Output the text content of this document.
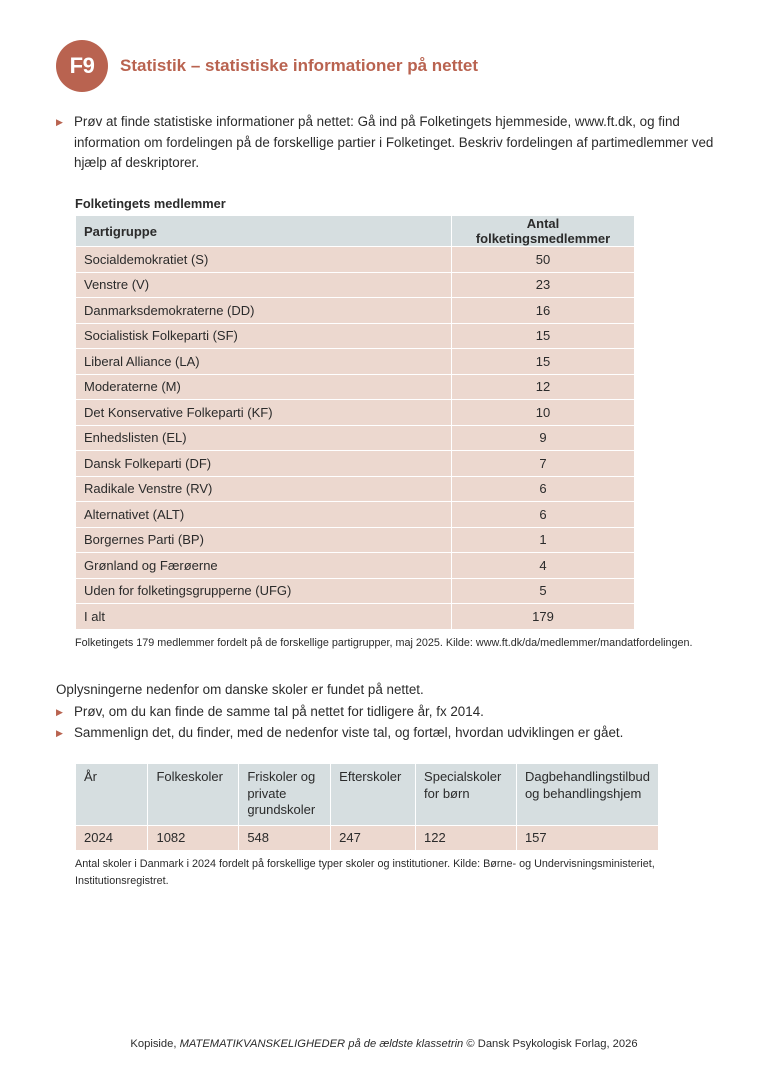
F9	Statistik – statistiske informationer på nettet
▶ Prøv at finde statistiske informationer på nettet: Gå ind på Folketingets hjemmeside, www.ft.dk, og find information om fordelingen på de forskellige partier i Folketinget. Beskriv fordelingen af partimedlemmer ved hjælp af deskriptorer.
Folketingets medlemmer
Partigruppe	Antal folketingsmedlemmer
Socialdemokratiet (S)	50
Venstre (V)	23
Danmarksdemokraterne (DD)	16
Socialistisk Folkeparti (SF)	15
Liberal Alliance (LA)	15
Moderaterne (M)	12
Det Konservative Folkeparti (KF)	10
Enhedslisten (EL)	9
Dansk Folkeparti (DF)	7
Radikale Venstre (RV)	6
Alternativet (ALT)	6
Borgernes Parti (BP)	1
Grønland og Færøerne	4
Uden for folketingsgrupperne (UFG)	5
I alt	179
Folketingets 179 medlemmer fordelt på de forskellige partigrupper, maj 2025. Kilde: www.ft.dk/da/medlemmer/mandatfordelingen.
Oplysningerne nedenfor om danske skoler er fundet på nettet.
▶ Prøv, om du kan finde de samme tal på nettet for tidligere år, fx 2014.
▶ Sammenlign det, du finder, med de nedenfor viste tal, og fortæl, hvordan udviklingen er gået.
År	Folkeskoler	Friskoler og private grundskoler	Efterskoler	Specialskoler for børn	Dagbehandlingstilbud og behandlingshjem
2024	1082	548	247	122	157
Antal skoler i Danmark i 2024 fordelt på forskellige typer skoler og institutioner. Kilde: Børne- og Undervisningsministeriet, Institutionsregistret.
Kopiside, MATEMATIKVANSKELIGHEDER på de ældste klassetrin © Dansk Psykologisk Forlag, 2026
